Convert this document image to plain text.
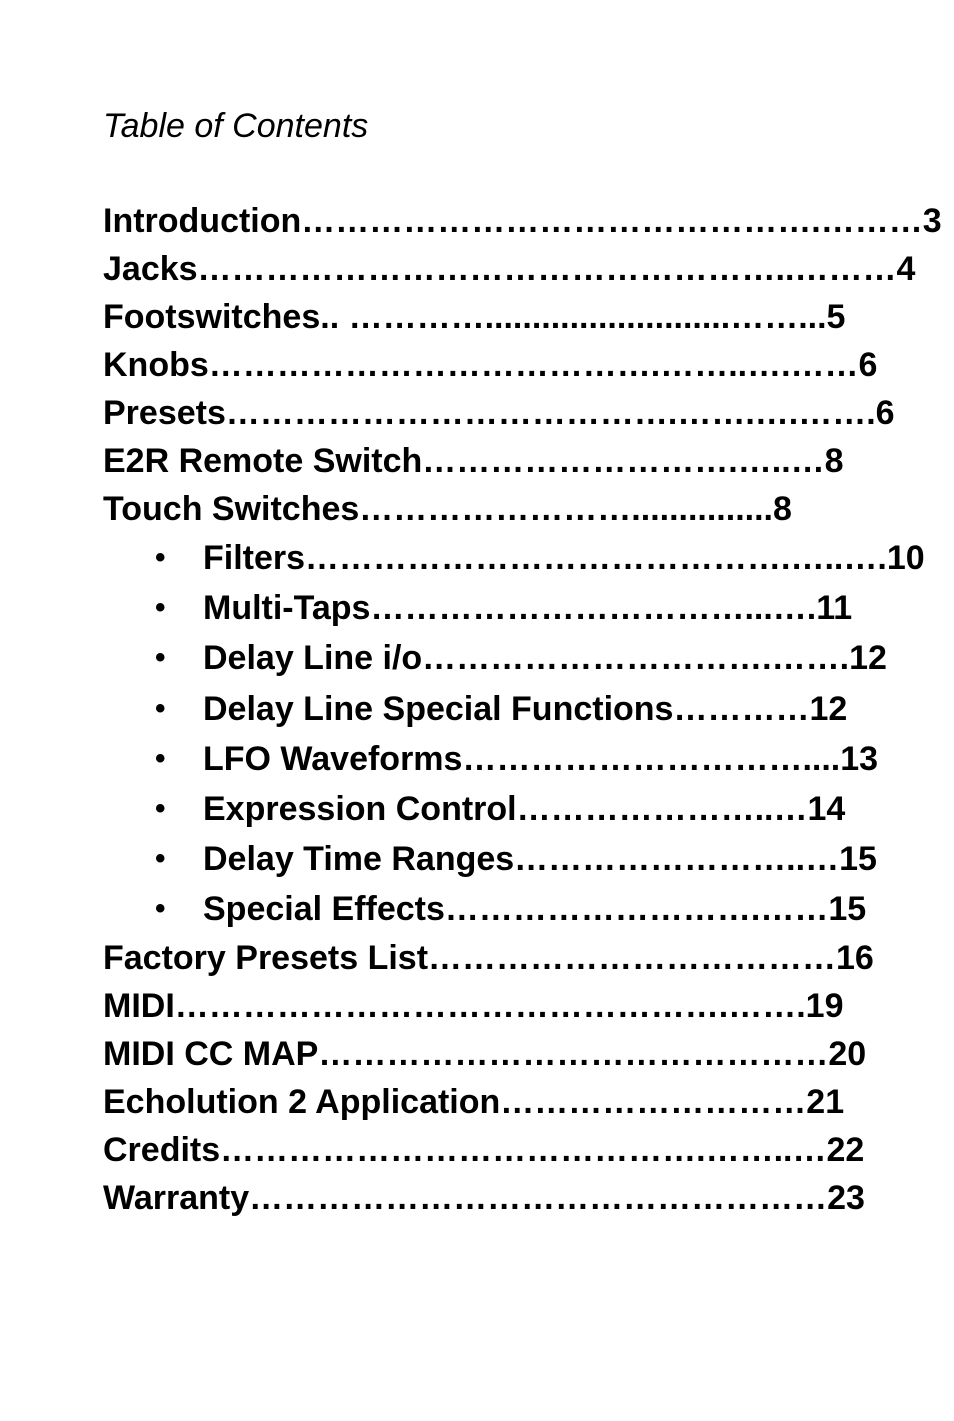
Table of Contents
Introduction……………………………………….………3
Jacks……………………………………………..………4
Footswitches.. …………..........................……...5
Knobs………………………………….……..….……6
Presets………………………………….…….….…….6
E2R Remote Switch……………………….…..…8
Touch Switches……………………...............8
• Filters…………………………………….…..….10
• Multi-Taps……………………………...….11
• Delay Line i/o………………………….…….12
• Delay Line Special Functions…………12
• LFO Waveforms…………………………....13
• Expression Control…………………..…14
• Delay Time Ranges……………………..…15
• Special Effects……………………….……15
Factory Presets List………………………………16
MIDI………………………………………….…….19
MIDI CC MAP………………………………………20
Echolution 2 Application………………………21
Credits…………………………………….……..…22
Warranty……………………………………………23
